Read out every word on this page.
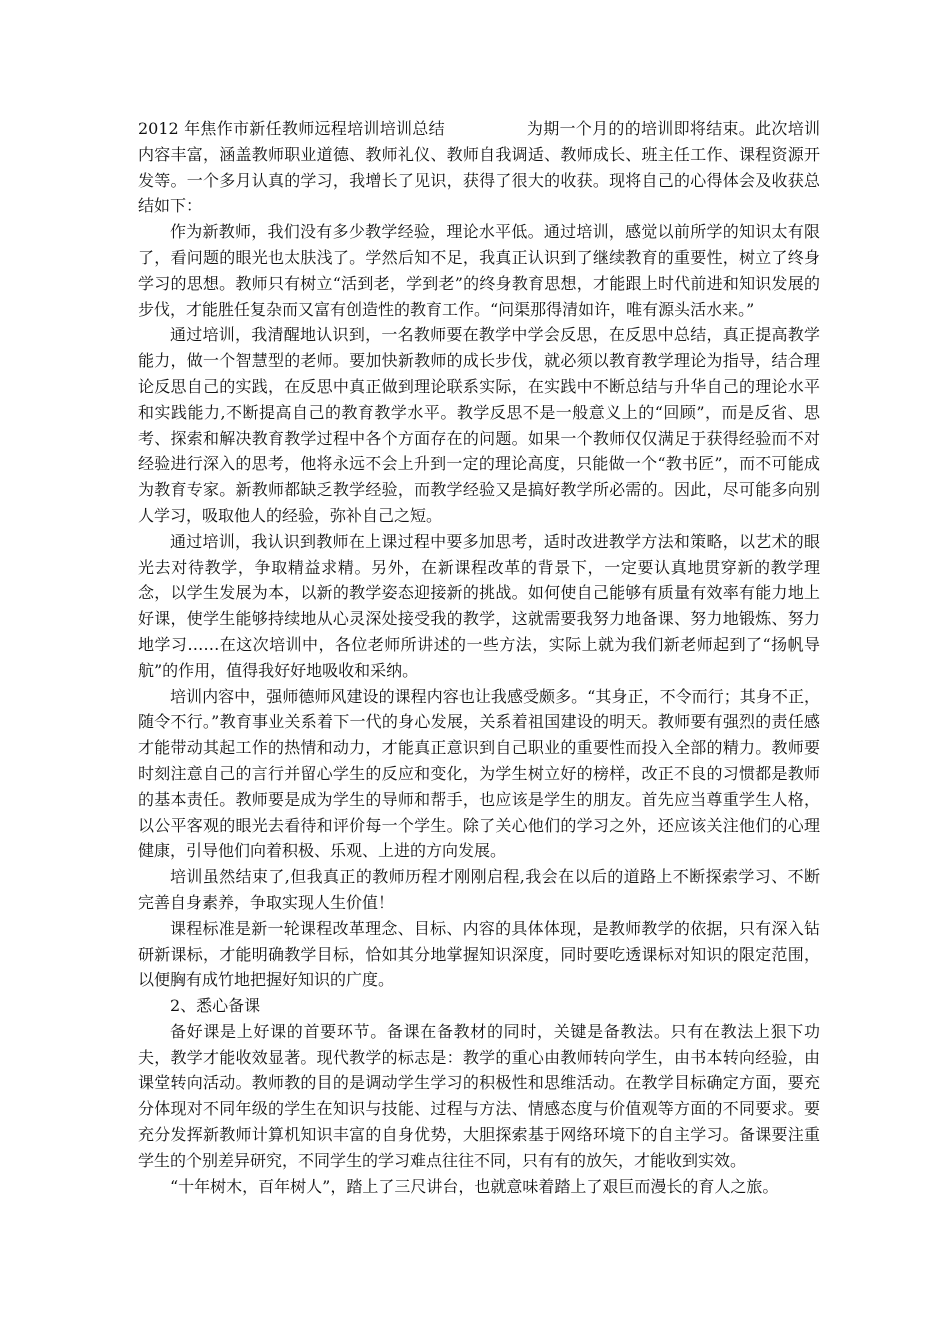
2012 年焦作市新任教师远程培训培训总结	为期一个月的的培训即将结束。此次培训内容丰富，涵盖教师职业道德、教师礼仪、教师自我调适、教师成长、班主任工作、课程资源开发等。一个多月认真的学习，我增长了见识，获得了很大的收获。现将自己的心得体会及收获总结如下：

作为新教师，我们没有多少教学经验，理论水平低。通过培训，感觉以前所学的知识太有限了，看问题的眼光也太肤浅了。学然后知不足，我真正认识到了继续教育的重要性，树立了终身学习的思想。教师只有树立“活到老，学到老”的终身教育思想，才能跟上时代前进和知识发展的步伐，才能胜任复杂而又富有创造性的教育工作。“问渠那得清如许，唯有源头活水来。”

通过培训，我清醒地认识到，一名教师要在教学中学会反思，在反思中总结，真正提高教学能力，做一个智慧型的老师。要加快新教师的成长步伐，就必须以教育教学理论为指导，结合理论反思自己的实践，在反思中真正做到理论联系实际，在实践中不断总结与升华自己的理论水平和实践能力,不断提高自己的教育教学水平。教学反思不是一般意义上的“回顾”，而是反省、思考、探索和解决教育教学过程中各个方面存在的问题。如果一个教师仅仅满足于获得经验而不对经验进行深入的思考，他将永远不会上升到一定的理论高度，只能做一个“教书匠”，而不可能成为教育专家。新教师都缺乏教学经验，而教学经验又是搞好教学所必需的。因此，尽可能多向别人学习，吸取他人的经验，弥补自己之短。

通过培训，我认识到教师在上课过程中要多加思考，适时改进教学方法和策略，以艺术的眼光去对待教学，争取精益求精。另外，在新课程改革的背景下，一定要认真地贯穿新的教学理念，以学生发展为本，以新的教学姿态迎接新的挑战。如何使自己能够有质量有效率有能力地上好课，使学生能够持续地从心灵深处接受我的教学，这就需要我努力地备课、努力地锻炼、努力地学习……在这次培训中，各位老师所讲述的一些方法，实际上就为我们新老师起到了“扬帆导航”的作用，值得我好好地吸收和采纳。

培训内容中，强师德师风建设的课程内容也让我感受颇多。“其身正，不令而行；其身不正，随令不行。”教育事业关系着下一代的身心发展，关系着祖国建设的明天。教师要有强烈的责任感才能带动其起工作的热情和动力，才能真正意识到自己职业的重要性而投入全部的精力。教师要时刻注意自己的言行并留心学生的反应和变化，为学生树立好的榜样，改正不良的习惯都是教师的基本责任。教师要是成为学生的导师和帮手，也应该是学生的朋友。首先应当尊重学生人格，以公平客观的眼光去看待和评价每一个学生。除了关心他们的学习之外，还应该关注他们的心理健康，引导他们向着积极、乐观、上进的方向发展。

培训虽然结束了,但我真正的教师历程才刚刚启程,我会在以后的道路上不断探索学习、不断完善自身素养，争取实现人生价值！

课程标准是新一轮课程改革理念、目标、内容的具体体现，是教师教学的依据，只有深入钻研新课标，才能明确教学目标，恰如其分地掌握知识深度，同时要吃透课标对知识的限定范围，以便胸有成竹地把握好知识的广度。

2、悉心备课

备好课是上好课的首要环节。备课在备教材的同时，关键是备教法。只有在教法上狠下功夫，教学才能收效显著。现代教学的标志是：教学的重心由教师转向学生，由书本转向经验，由课堂转向活动。教师教的目的是调动学生学习的积极性和思维活动。在教学目标确定方面，要充分体现对不同年级的学生在知识与技能、过程与方法、情感态度与价值观等方面的不同要求。要充分发挥新教师计算机知识丰富的自身优势，大胆探索基于网络环境下的自主学习。备课要注重学生的个别差异研究，不同学生的学习难点往往不同，只有有的放矢，才能收到实效。

“十年树木，百年树人”，踏上了三尺讲台，也就意味着踏上了艰巨而漫长的育人之旅。
